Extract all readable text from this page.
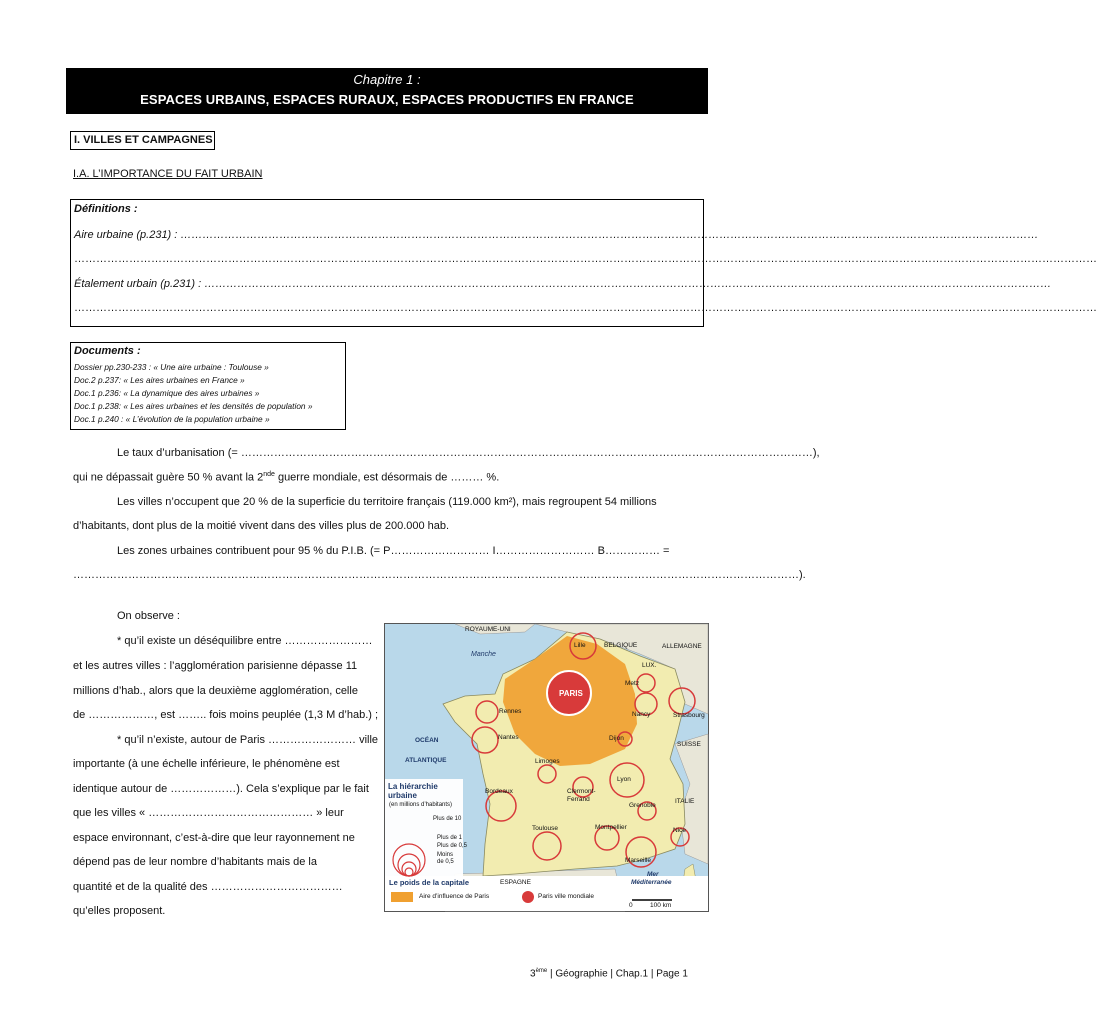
Chapitre 1 :
ESPACES URBAINS, ESPACES RURAUX, ESPACES PRODUCTIFS EN FRANCE
I. VILLES ET CAMPAGNES
I.A. L’IMPORTANCE DU FAIT URBAIN
Définitions :
Aire urbaine (p.231) : ………………………………………………………………………………………………………………………………………………………………………………………………………………
………………………………………………………………………………………………………………………………………………………………………………………………………………………………………………………
Étalement urbain (p.231) : ……………………………………………………………………………………………………………………………………………………………………………………………………………
………………………………………………………………………………………………………………………………………………………………………………………………………………………………………………………
Documents :
Dossier pp.230-233 : « Une aire urbaine : Toulouse »
Doc.2 p.237: « Les aires urbaines en France »
Doc.1 p.236: « La dynamique des aires urbaines »
Doc.1 p.238: « Les aires urbaines et les densités de population »
Doc.1 p.240 : « L’évolution de la population urbaine »
Le taux d’urbanisation (= …………………………………………………………………………………………………………………………………………),
qui ne dépassait guère 50 % avant la 2nde guerre mondiale, est désormais de ……… %.
Les villes n’occupent que 20 % de la superficie du territoire français (119.000 km²), mais regroupent 54 millions
d’habitants, dont plus de la moitié vivent dans des villes plus de 200.000 hab.
Les zones urbaines contribuent pour 95 % du P.I.B. (= P……………………… I……………………… B…………… =
………………………………………………………………………………………………………………………………………………………………………………).
On observe :
* qu’il existe un déséquilibre entre ……………………
et les autres villes : l’agglomération parisienne dépasse 11
millions d’hab., alors que la deuxième agglomération, celle
de ………………, est …….. fois moins peuplée (1,3 M d’hab.) ;
* qu’il n’existe, autour de Paris …………………… ville
importante (à une échelle inférieure, le phénomène est
identique autour de ………………). Cela s’explique par le fait
que les villes « ……………………………………… » leur
espace environnant, c’est-à-dire que leur rayonnement ne
dépend pas de leur nombre d’habitants mais de la
quantité et de la qualité des ………………………………
qu’elles proposent.
ROYAUME-UNI
BELGIQUE	ALLEMAGNE
LUX.
Manche
OCÉAN
ATLANTIQUE
SUISSE
ITALIE
ESPAGNE
Mer
Méditerranée
Lille
PARIS
Metz
Strasbourg
Nancy
Rennes
Nantes	Dijon
Limoges
Lyon
Clermont-Ferrand
Bordeaux
Grenoble
Toulouse	Montpellier	Nice
Marseille
La hiérarchie
urbaine
(en millions d’habitants)
Plus de 10
Plus de 1
Plus de 0,5
Moins
de 0,5
Le poids de la capitale
Aire d’influence de Paris	Paris ville mondiale
0	100 km
3ème | Géographie | Chap.1 | Page 1
